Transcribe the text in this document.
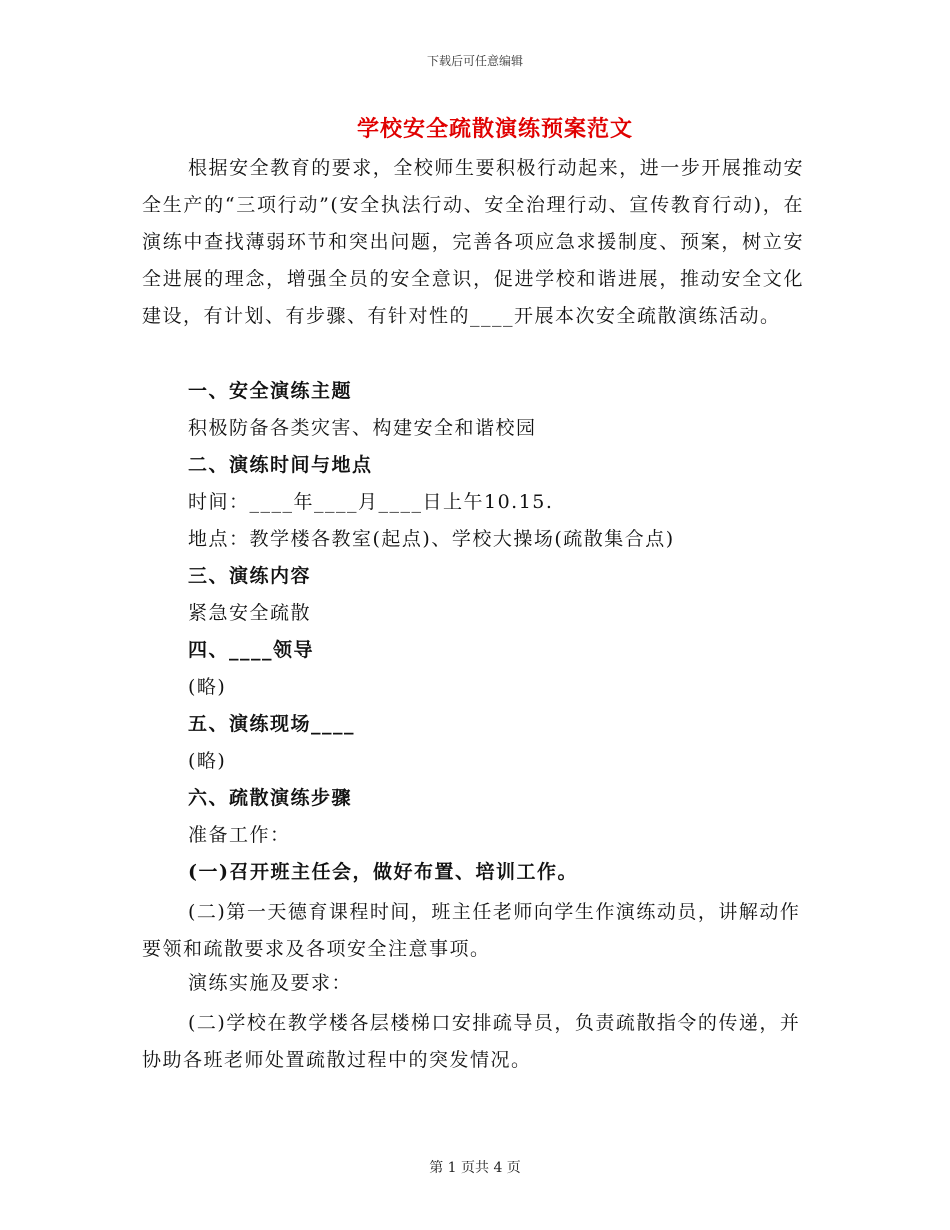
下载后可任意编辑
学校安全疏散演练预案范文

根据安全教育的要求，全校师生要积极行动起来，进一步开展推动安全生产的“三项行动”(安全执法行动、安全治理行动、宣传教育行动)，在演练中查找薄弱环节和突出问题，完善各项应急求援制度、预案，树立安全进展的理念，增强全员的安全意识，促进学校和谐进展，推动安全文化建设，有计划、有步骤、有针对性的____开展本次安全疏散演练活动。

一、安全演练主题

积极防备各类灾害、构建安全和谐校园

二、演练时间与地点

时间：____年____月____日上午10.15.

地点：教学楼各教室(起点)、学校大操场(疏散集合点)

三、演练内容

紧急安全疏散

四、____领导

(略)

五、演练现场____

(略)

六、疏散演练步骤

准备工作：

(一)召开班主任会，做好布置、培训工作。

(二)第一天德育课程时间，班主任老师向学生作演练动员，讲解动作要领和疏散要求及各项安全注意事项。

演练实施及要求：

(二)学校在教学楼各层楼梯口安排疏导员，负责疏散指令的传递，并协助各班老师处置疏散过程中的突发情况。

第 1 页共 4 页
